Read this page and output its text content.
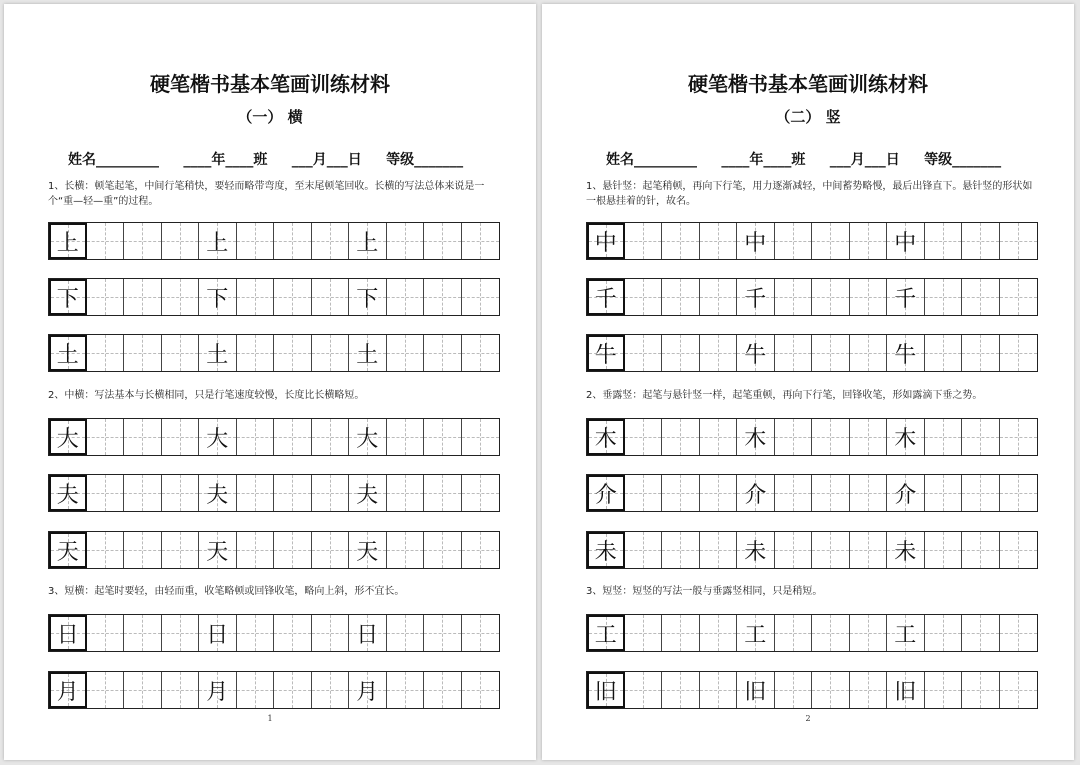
硬笔楷书基本笔画训练材料
（一） 横
姓名_________     ____年____班     ___月___日     等级_______
1、长横：顿笔起笔，中间行笔稍快，要轻而略带弯度，至末尾顿笔回收。长横的写法总体来说是一个“重—轻—重”的过程。
上	上	上
下	下	下
土	土	土
2、中横：写法基本与长横相同，只是行笔速度较慢，长度比长横略短。
大	大	大
夫	夫	夫
天	天	天
3、短横：起笔时要轻，由轻而重，收笔略顿或回锋收笔，略向上斜，形不宜长。
日	日	日
月	月	月
1
硬笔楷书基本笔画训练材料
（二） 竖
姓名_________     ____年____班     ___月___日     等级_______
1、悬针竖：起笔稍顿，再向下行笔，用力逐渐减轻，中间蓄势略慢，最后出锋直下。悬针竖的形状如一根悬挂着的针，故名。
中	中	中
千	千	千
牛	牛	牛
2、垂露竖：起笔与悬针竖一样，起笔重顿，再向下行笔，回锋收笔，形如露滴下垂之势。
木	木	木
介	介	介
未	未	未
3、短竖：短竖的写法一般与垂露竖相同，只是稍短。
工	工	工
旧	旧	旧
2
